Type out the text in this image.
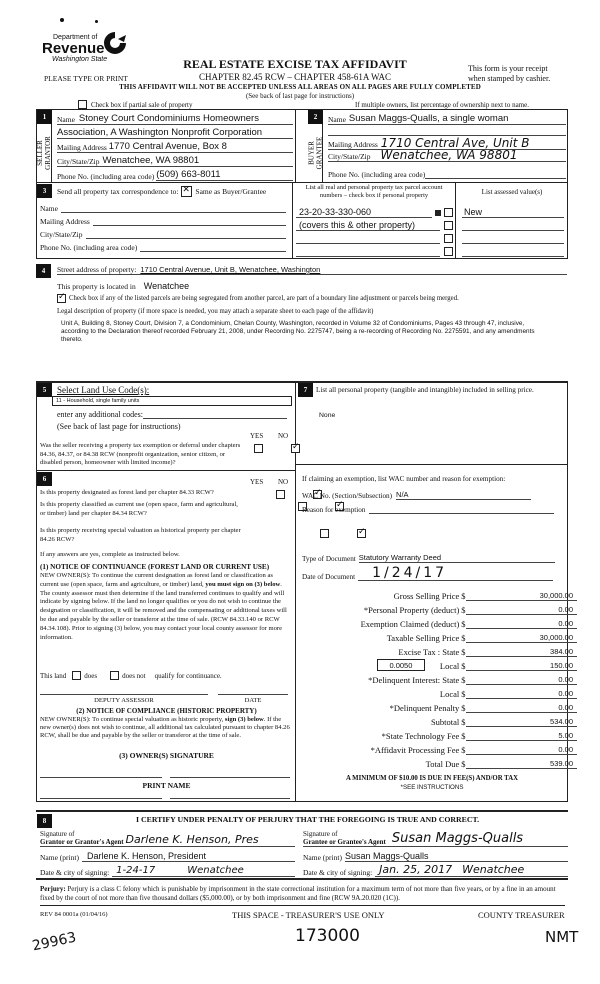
Department of
Revenue
Washington State
PLEASE TYPE OR PRINT
REAL ESTATE EXCISE TAX AFFIDAVIT
CHAPTER 82.45 RCW – CHAPTER 458-61A WAC
This form is your receipt
when stamped by cashier.
THIS AFFIDAVIT WILL NOT BE ACCEPTED UNLESS ALL AREAS ON ALL PAGES ARE FULLY COMPLETED
(See back of last page for instructions)
Check box if partial sale of property	If multiple owners, list percentage of ownership next to name.
1
SELLER GRANTOR
Name Stoney Court Condominiums Homeowners
Association, A Washington Nonprofit Corporation
Mailing Address 1770 Central Avenue, Box 8
City/State/Zip Wenatchee, WA 98801
Phone No. (including area code) (509) 663-8011
2
BUYER GRANTEE
Name Susan Maggs-Qualls, a single woman
Mailing Address 1710 Central Ave, Unit B
City/State/Zip Wenatchee, WA 98801
Phone No. (including area code)
3	Send all property tax correspondence to: ✕ Same as Buyer/Grantee
Name
Mailing Address
City/State/Zip
Phone No. (including area code)
List all real and personal property tax parcel account numbers – check box if personal property	List assessed value(s)
23-20-33-330-060
(covers this & other property)
New
4	Street address of property: 1710 Central Avenue, Unit B, Wenatchee, Washington
This property is located in Wenatchee
✓
Check box if any of the listed parcels are being segregated from another parcel, are part of a boundary line adjustment or parcels being merged.
Legal description of property (if more space is needed, you may attach a separate sheet to each page of the affidavit)
Unit A, Building 8, Stoney Court, Division 7, a Condominium, Chelan County, Washington, recorded in Volume 32 of Condominiums, Pages 43 through 47, inclusive, according to the Declaration thereof recorded February 21, 2008, under Recording No. 2275747, being a re-recording of Recording No. 2275591, and any amendments thereto.
5	Select Land Use Code(s):
11 - Household, single family units
enter any additional codes:
(See back of last page for instructions)
YES NO
Was the seller receiving a property tax exemption or deferral under chapters 84.36, 84.37, or 84.38 RCW (nonprofit organization, senior citizen, or disabled person, homeowner with limited income)?
✓
6	YES NO
Is this property designated as forest land per chapter 84.33 RCW?
✓
Is this property classified as current use (open space, farm and agricultural, or timber) land per chapter 84.34 RCW?
✓
Is this property receiving special valuation as historical property per chapter 84.26 RCW?
✓
If any answers are yes, complete as instructed below.
(1) NOTICE OF CONTINUANCE (FOREST LAND OR CURRENT USE)
NEW OWNER(S): To continue the current designation as forest land or classification as current use (open space, farm and agriculture, or timber) land, you must sign on (3) below. The county assessor must then determine if the land transferred continues to qualify and will indicate by signing below. If the land no longer qualifies or you do not wish to continue the designation or classification, it will be removed and the compensating or additional taxes will be due and payable by the seller or transferor at the time of sale. (RCW 84.33.140 or RCW 84.34.108). Prior to signing (3) below, you may contact your local county assessor for more information.
This land	does	does not qualify for continuance.
DEPUTY ASSESSOR	DATE
(2) NOTICE OF COMPLIANCE (HISTORIC PROPERTY)
NEW OWNER(S): To continue special valuation as historic property, sign (3) below. If the new owner(s) does not wish to continue, all additional tax calculated pursuant to chapter 84.26 RCW, shall be due and payable by the seller or transferor at the time of sale.
(3) OWNER(S) SIGNATURE
PRINT NAME
7	List all personal property (tangible and intangible) included in selling price.
None
If claiming an exemption, list WAC number and reason for exemption:
WAC No. (Section/Subsection) N/A
Reason for exemption
Type of Document Statutory Warranty Deed
Date of Document	1/24/17
Gross Selling Price $	30,000.00
*Personal Property (deduct) $	0.00
Exemption Claimed (deduct) $	0.00
Taxable Selling Price $	30,000.00
Excise Tax : State $	384.00
0.0050	Local $	150.00
*Delinquent Interest: State $	0.00
Local $	0.00
*Delinquent Penalty $	0.00
Subtotal $	534.00
*State Technology Fee $	5.00
*Affidavit Processing Fee $	0.00
Total Due $	539.00
A MINIMUM OF $10.00 IS DUE IN FEE(S) AND/OR TAX
*SEE INSTRUCTIONS
8	I CERTIFY UNDER PENALTY OF PERJURY THAT THE FOREGOING IS TRUE AND CORRECT.
Signature of
Grantor or Grantor's Agent Darlene K. Henson, Pres
Name (print) Darlene K. Henson, President
Date & city of signing: 1-24-17	Wenatchee
Signature of
Grantee or Grantee's Agent Susan Maggs-Qualls
Name (print) Susan Maggs-Qualls
Date & city of signing: Jan. 25, 2017 Wenatchee
Perjury: Perjury is a class C felony which is punishable by imprisonment in the state correctional institution for a maximum term of not more than five years, or by a fine in an amount fixed by the court of not more than five thousand dollars ($5,000.00), or by both imprisonment and fine (RCW 9A.20.020 (1C)).
REV 84 0001a (01/04/16)	THIS SPACE - TREASURER'S USE ONLY	COUNTY TREASURER
29963	173000	NMT
